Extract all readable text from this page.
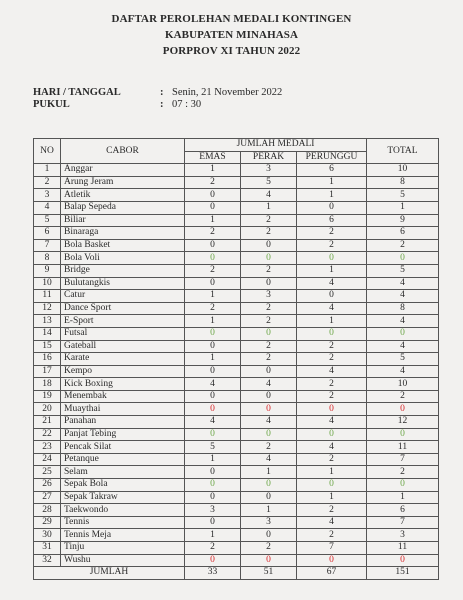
DAFTAR PEROLEHAN MEDALI KONTINGEN
KABUPATEN MINAHASA
PORPROV XI TAHUN 2022
HARI / TANGGAL	: Senin, 21 November 2022
PUKUL	: 07 : 30
NO	CABOR	JUMLAH MEDALI			TOTAL
		EMAS	PERAK	PERUNGGU	
1	Anggar	1	3	6	10
2	Arung Jeram	2	5	1	8
3	Atletik	0	4	1	5
4	Balap Sepeda	0	1	0	1
5	Biliar	1	2	6	9
6	Binaraga	2	2	2	6
7	Bola Basket	0	0	2	2
8	Bola Voli	0	0	0	0
9	Bridge	2	2	1	5
10	Bulutangkis	0	0	4	4
11	Catur	1	3	0	4
12	Dance Sport	2	2	4	8
13	E-Sport	1	2	1	4
14	Futsal	0	0	0	0
15	Gateball	0	2	2	4
16	Karate	1	2	2	5
17	Kempo	0	0	4	4
18	Kick Boxing	4	4	2	10
19	Menembak	0	0	2	2
20	Muaythai	0	0	0	0
21	Panahan	4	4	4	12
22	Panjat Tebing	0	0	0	0
23	Pencak Silat	5	2	4	11
24	Petanque	1	4	2	7
25	Selam	0	1	1	2
26	Sepak Bola	0	0	0	0
27	Sepak Takraw	0	0	1	1
28	Taekwondo	3	1	2	6
29	Tennis	0	3	4	7
30	Tennis Meja	1	0	2	3
31	Tinju	2	2	7	11
32	Wushu	0	0	0	0
JUMLAH		33	51	67	151
